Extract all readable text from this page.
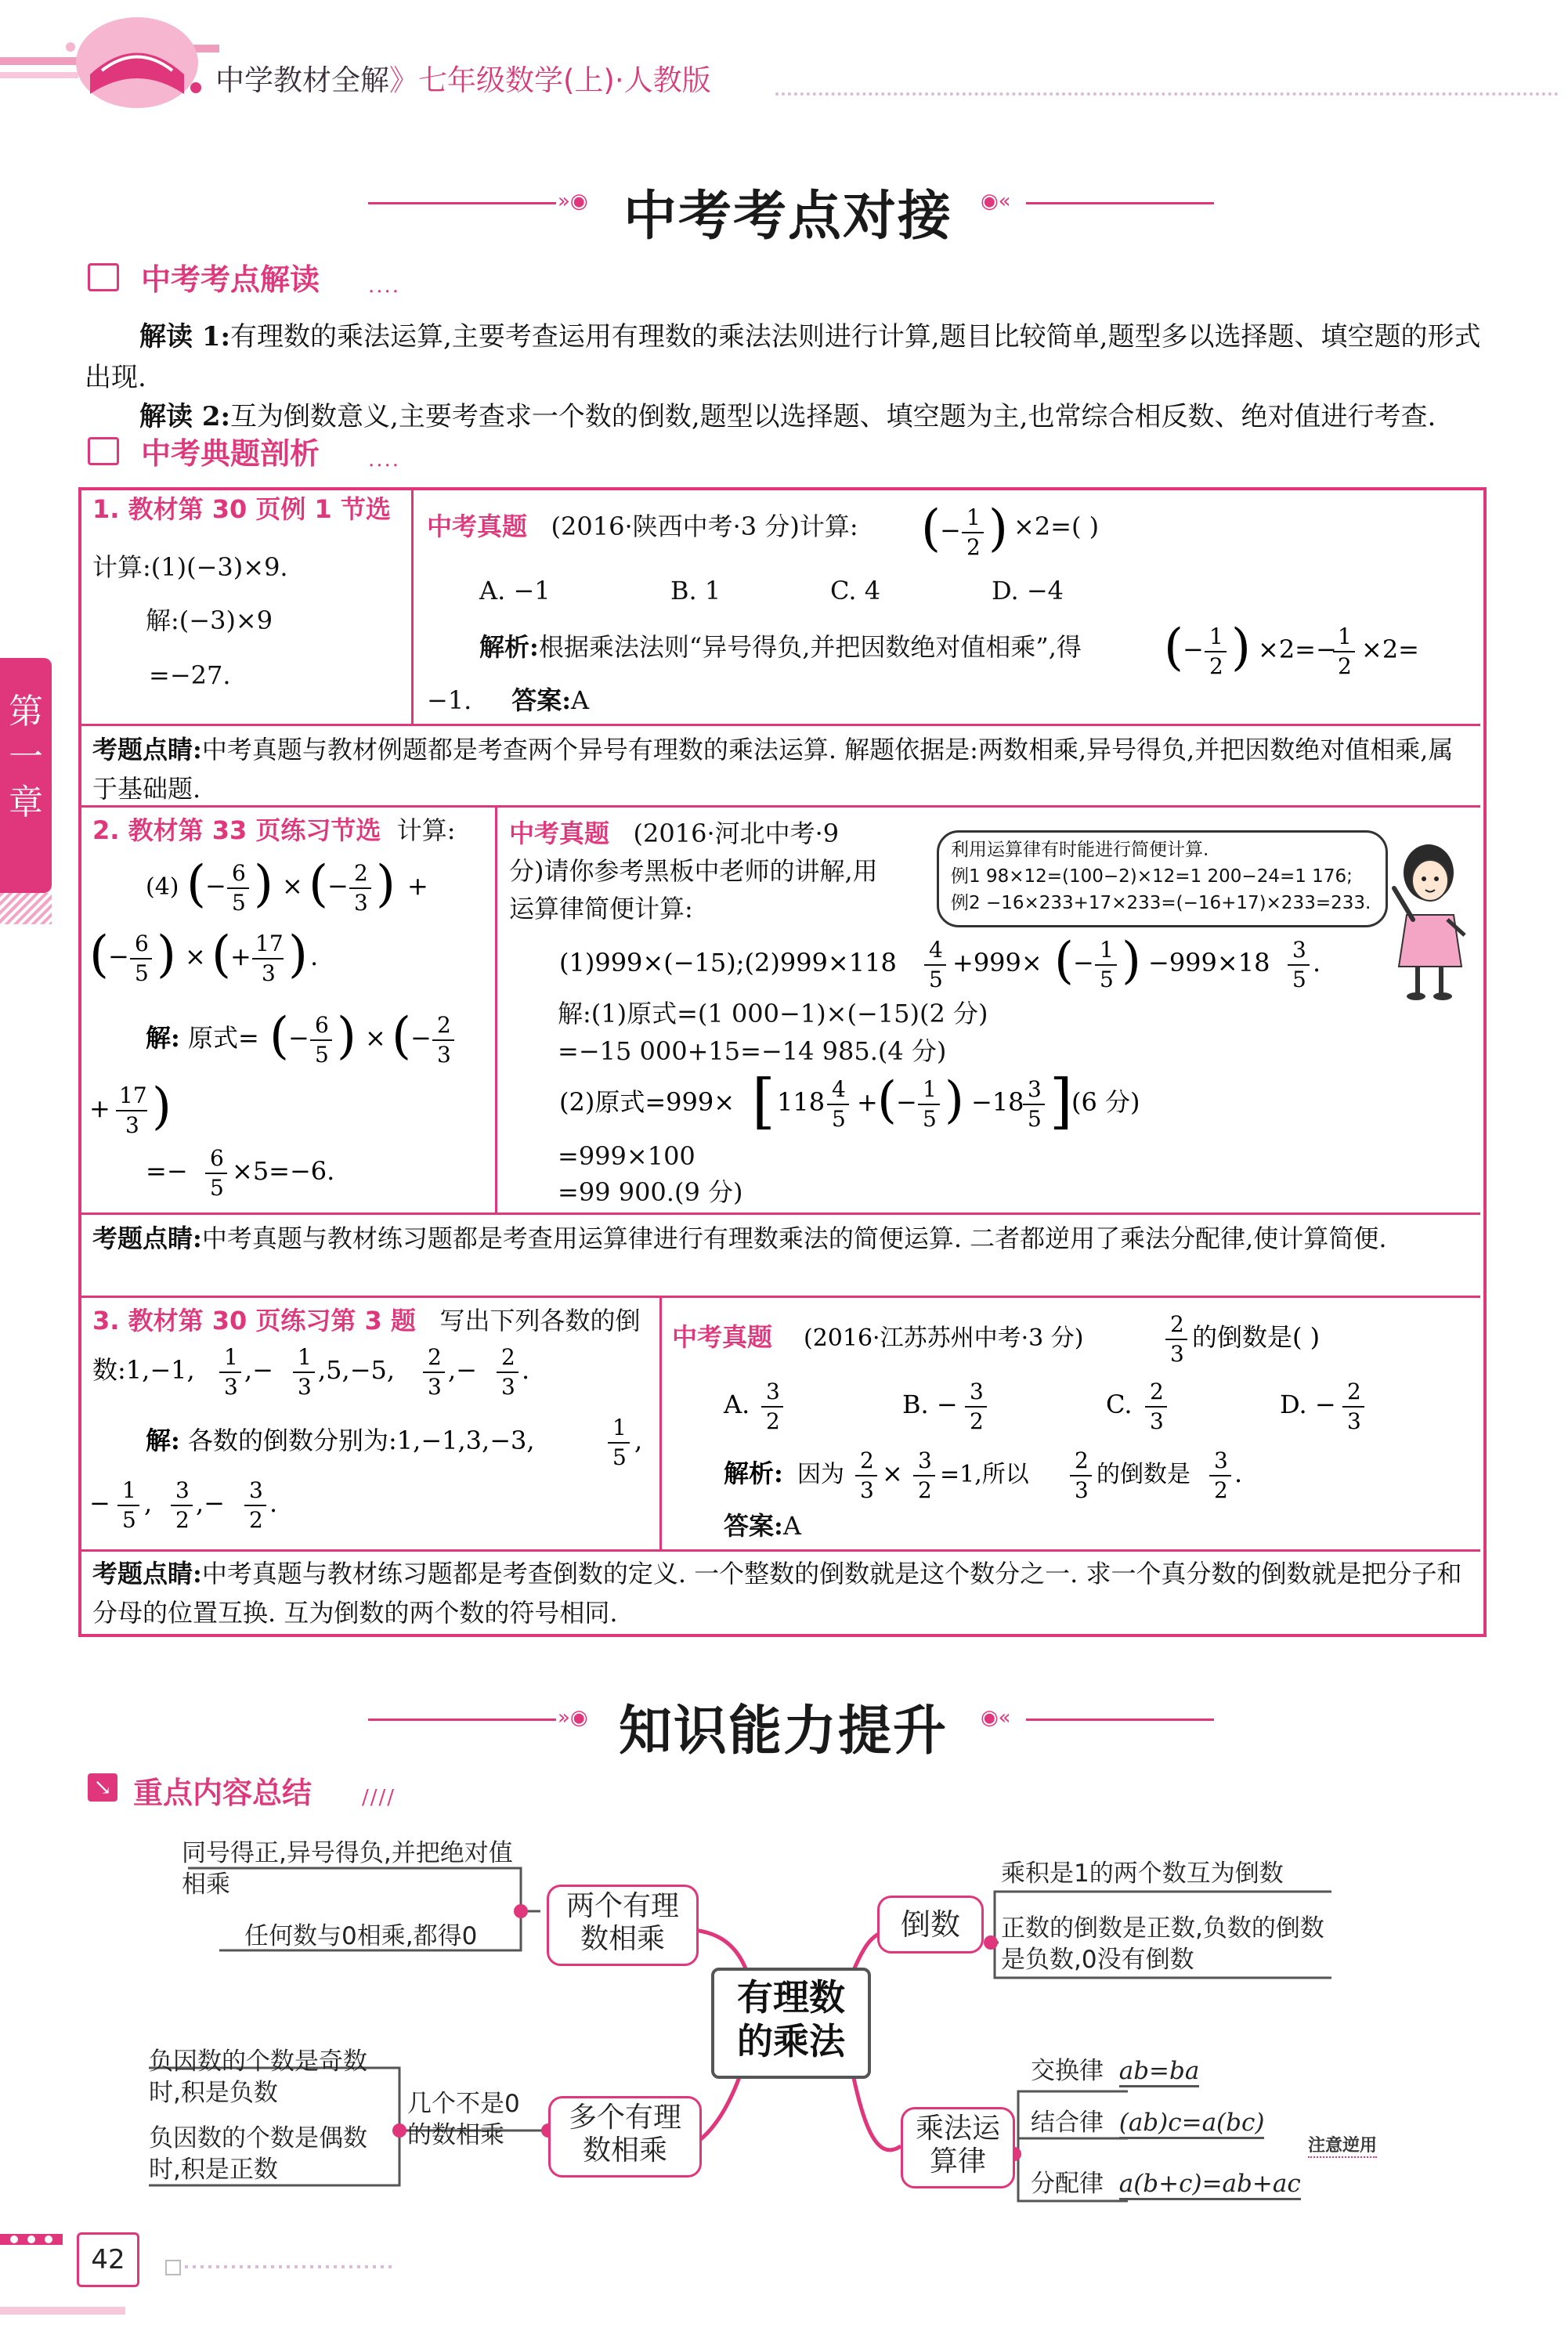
中学教材全解》七年级数学(上)·人教版
»◉ 中考考点对接 ◉«
中考考点解读 ....
解读 1:有理数的乘法运算,主要考查运用有理数的乘法法则进行计算,题目比较简单,题型多以选择题、填空题的形式出现.
解读 2:互为倒数意义,主要考查求一个数的倒数,题型以选择题、填空题为主,也常综合相反数、绝对值进行考查.
中考典题剖析 ....
1. 教材第 30 页例 1 节选
计算:(1)(−3)×9.
解:(−3)×9
=−27.
中考真题 (2016·陕西中考·3 分)计算: ( − 1
2 ) ×2=( )
A. −1	B. 1	C. 4	D. −4
解析:根据乘法法则“异号得负,并把因数绝对值相乘”,得 ( − 1
2 ) ×2=− 1
2
×2=
−1. 答案:A
考题点睛:中考真题与教材例题都是考查两个异号有理数的乘法运算. 解题依据是:两数相乘,异号得负,并把因数绝对值相乘,属于基础题.
2. 教材第 33 页练习节选 计算:
(4) ( − 6
5 ) × ( − 2
3 ) +
( − 6
5 ) × ( + 17
3 ) .
解: 原式= ( − 6
5 ) × ( − 2
3
+ 17
3 )
=− 6
5
×5=−6.
中考真题 (2016·河北中考·9
分)请你参考黑板中老师的讲解,用
运算律简便计算:
利用运算律有时能进行简便计算.
例1 98×12=(100−2)×12=1 200−24=1 176;
例2 −16×233+17×233=(−16+17)×233=233.
(1)999×(−15);(2)999×118 4
5
+999× ( − 1
5 ) −999×18 3
5
.
解:(1)原式=(1 000−1)×(−15)(2 分)
=−15 000+15=−14 985.(4 分)
(2)原式=999× [ 118 4
5
+ ( − 1
5 ) −18 3
5 ]
(6 分)
=999×100
=99 900.(9 分)
考题点睛:中考真题与教材练习题都是考查用运算律进行有理数乘法的简便运算. 二者都逆用了乘法分配律,使计算简便.
3. 教材第 30 页练习第 3 题 写出下列各数的倒
数:1,−1, 1
3
,− 1
3
,5,−5, 2
3
,− 2
3
.
解: 各数的倒数分别为:1,−1,3,−3,	1
5
,
− 1
5
, 3
2
,− 3
2
.
中考真题 (2016·江苏苏州中考·3 分)
2
3
的倒数是( )
A. 3
2
B. − 3
2
C. 2
3
D. − 2
3
解析: 因为
2
3
× 3
2
=1,所以
2
3
的倒数是
3
2
.
答案:A
考题点睛:中考真题与教材练习题都是考查倒数的定义. 一个整数的倒数就是这个数分之一. 求一个真分数的倒数就是把分子和分母的位置互换. 互为倒数的两个数的符号相同.
第一章
»◉ 知识能力提升 ◉«
↘ 重点内容总结 ////
有理数的乘法
两个有理数相乘
同号得正,异号得负,并把绝对值相乘
任何数与0相乘,都得0	倒数
乘积是1的两个数互为倒数
正数的倒数是正数,负数的倒数是负数,0没有倒数
多个有理数相乘
几个不是0的数相乘
负因数的个数是奇数时,积是负数
负因数的个数是偶数时,积是正数
乘法运算律
交换律 ab=ba
结合律 (ab)c=a(bc)
分配律 a(b+c)=ab+ac
注意逆用
42
